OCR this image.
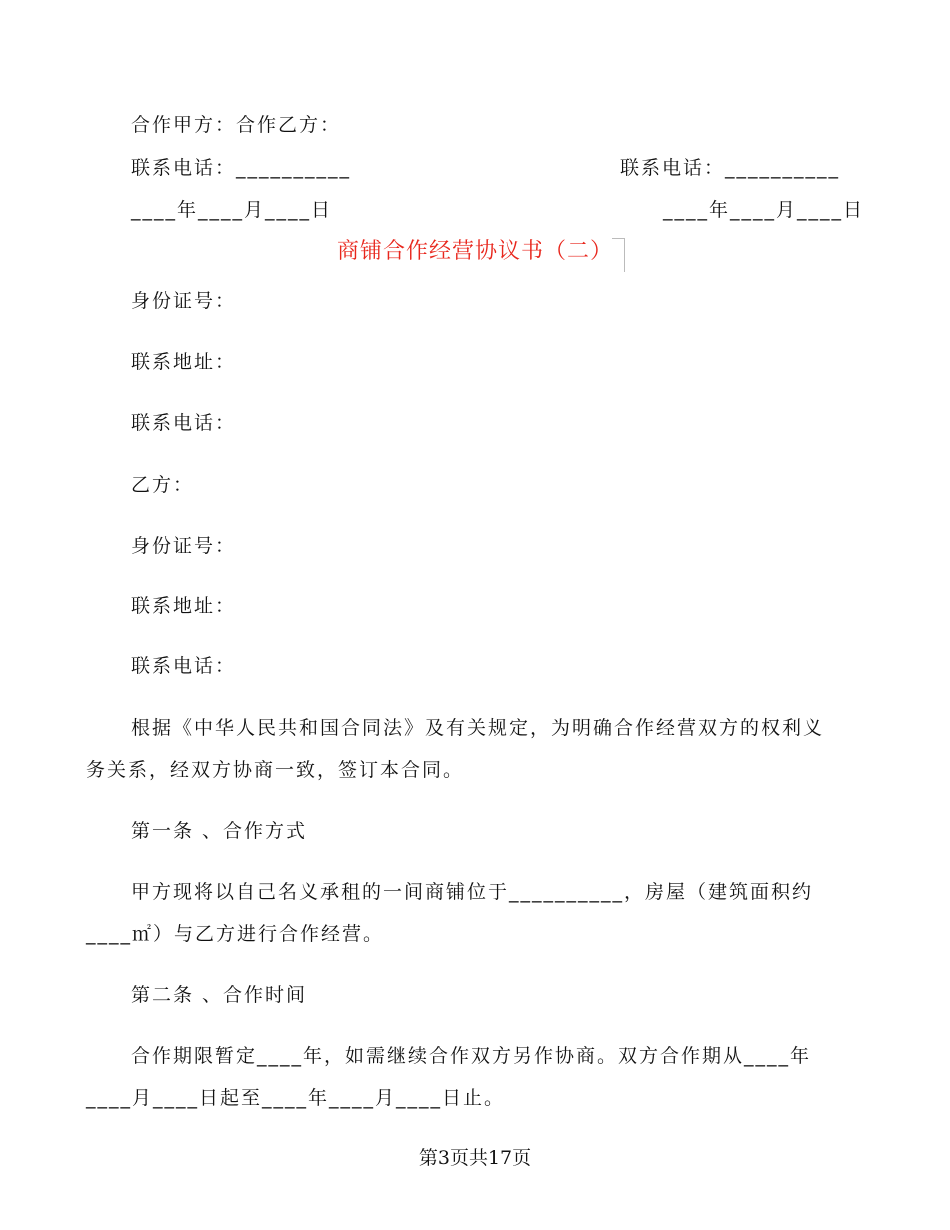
合作甲方：合作乙方：
联系电话：__________	联系电话：__________
____年____月____日	____年____月____日
商铺合作经营协议书（二）
身份证号：
联系地址：
联系电话：
乙方：
身份证号：
联系地址：
联系电话：
根据《中华人民共和国合同法》及有关规定，为明确合作经营双方的权利义
务关系，经双方协商一致，签订本合同。
第一条 、合作方式
甲方现将以自己名义承租的一间商铺位于__________，房屋（建筑面积约
____㎡）与乙方进行合作经营。
第二条 、合作时间
合作期限暂定____年，如需继续合作双方另作协商。双方合作期从____年
____月____日起至____年____月____日止。
第3页共17页
